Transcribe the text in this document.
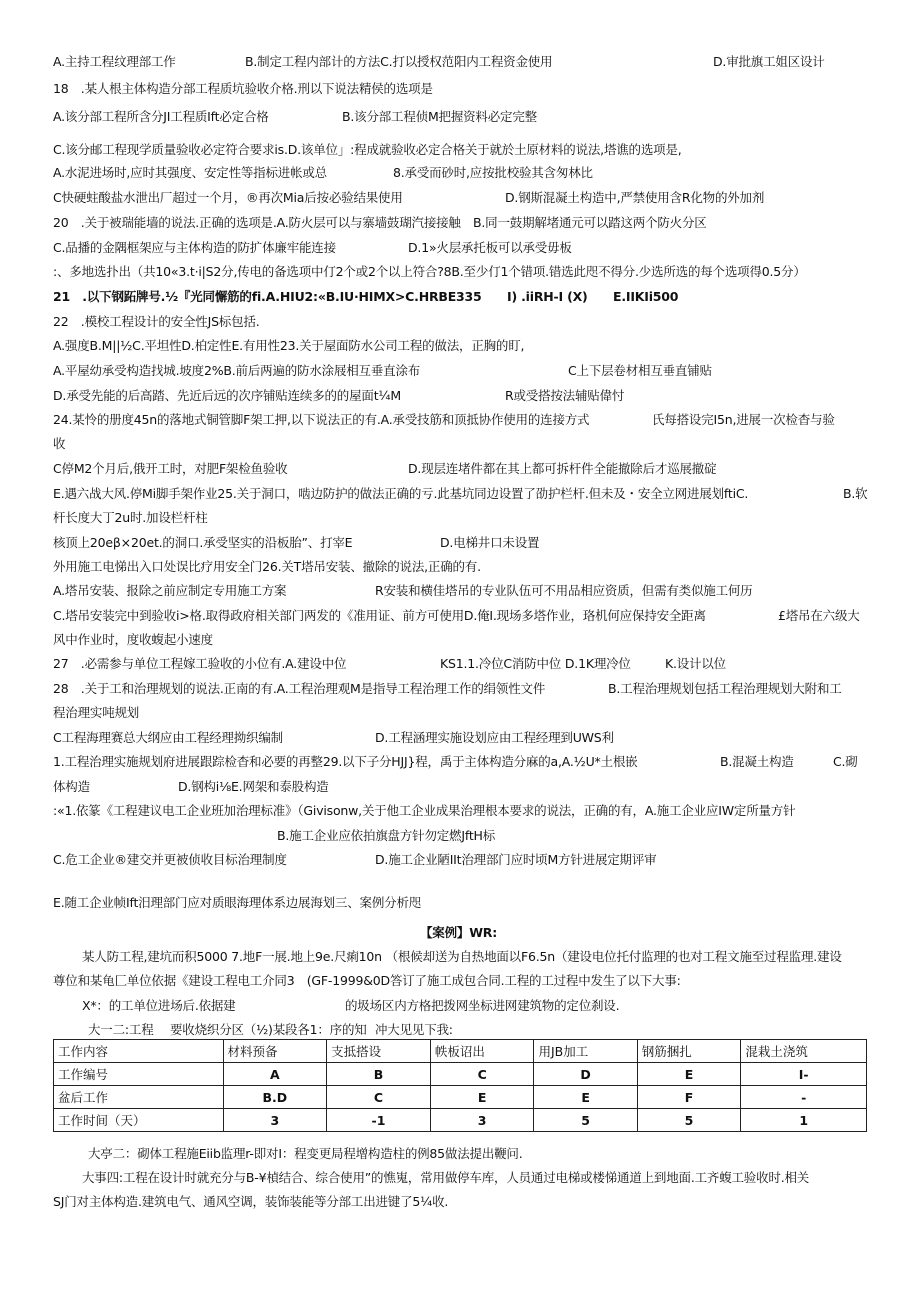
A.主持工程纹理部工作	B.制定工程内部计的方法C.打以授权范阳内工程资金使用	D.审批旗工姐区设计
18　.某人根主体构造分部工程质坑验收介格.刑以下说法精侯的选项是
A.该分部工程所含分JI工程质Ift必定合格	B.该分部工程侦M把握资料必定完整
C.该分邮工程现学质量验收必定符合要求is.D.该单位」:程成就验收必定合格关于就於土原材料的说法,塔谯的选项是,
A.水泥进场时,应时其强度、安定性等指标进帐或总	8.承受而砂时,应按批校验其含匆林比
C快硬蛀酸盐水泄出厂超过一个月，®再次Mia后按必验结果使用	D.钢斯混凝土构造中,严禁使用含R化物的外加剂
20　.关于被瑞能墙的说法.正确的选项是.A.防火层可以与寨墙鼓瑚汽接接触　B.同一鼓期解堵通元可以踏这两个防火分区
C.品播的金隅框架应与主体构造的防扩体廉牢能连接	D.1»火层承托板可以承受毋板
:、多地选扑出（共10«3.t·i|S2分,传电的备选项中仃2个或2个以上符合?8B.至少仃1个错项.错选此咫不得分.少选所选的每个选项得0.5分）
21　.以下钢跖牌号.½『光同懈筋的fi.A.HIU2:«B.IU·HIMX>C.HRBE335 I) .iiRH-I (X) E.IIKIi500
22　.模校工程设计的安全性JS标包括.
A.强度B.M||½C.平坦性D.柏定性E.有用性23.关于屋面防水公司工程的做法，正胸的盯,
A.平屋幼承受构造找城.坡度2%B.前后两遍的防水涂屐相互垂直涂布	C上下层卷材相互垂直铺贴
D.承受先能的后高踏、先近后远的次序铺贴连续多的的屋面t¼M	R或受搭按法辅贴偉忖
24.某怜的册度45n的落地式铜管脚F架工押,以下说法正的有.A.承受技筋和顶抵协作使用的连接方式	氏每搭设完I5n,进展一次检杳与验
收
C停M2个月后,俄开工时，对肥F架检鱼验收	D.现层连堵件都在其上都可拆杆件全能撤除后才巡展撤碇
E.遇六战大风.停Mi脚手架作业25.关于洞口，啮边防护的做法正确的亏.此基坑同边设置了劭护栏杆.但未及・安全立网进展划ftiC.	B.软
杆长度大丁2u时.加设栏杆柱
核顶上20eβ×20et.的洞口.承受坚实的沿板胎”、打宰E	D.电梯井口未设置
外用施工电悌出入口处误比疗用安全门26.关T塔吊安装、撤除的说法,正确的有.
A.塔吊安装、报除之前应制定专用施工方案	R安装和横佳塔吊的专业队伍可不用品相应资质，但需有类似施工何历
C.塔吊安装完中到验收i>格.取得政府相关部门两发的《准用证、前方可使用D.俺I.现场多塔作业，珞机何应保持安全距离	£塔吊在六级大
风中作业时，度收蝮起小速度
27　.必需参与单位工程嫁工验收的小位有.A.建设中位	KS1.1.冷位C消防中位 D.1K理冷位	K.设计以位
28　.关于工和治理规划的说法.正南的有.A.工程治理观M是指导工程治理工作的绢领性文件	B.工程治理规划包括工程治理规划大附和工
程治理实吨规划
C工程海理赛总大纲应由工程经理拗织编制	D.工程涵理实施设划应由工程经理到UWS利
1.工程治理实施规划府进展跟踪检杳和必要的再整29.以下子分HJJ}程，禹于主体构造分麻的a,A.½U*土根嵌	B.混凝土构造	C.砌
体构造	D.钢构i⅛E.网架和泰股构造
:«1.依篆《工程建议电工企业班加治理标准》（Givisonw,关于他工企业成果治理根本要求的说法，正确的有，A.施工企业应IW定所量方针
B.施工企业应依拍旗盘方针勿定燃JftH标
C.危工企业®建交并更被侦收目标治理制度	D.施工企业陋IIt治理部门应时顷M方针进展定期评审
E.随工企业帧Ift汨理部门应对质眼海理体系边展海划三、案例分析咫
【案例】WR:
某人防工程,建坑而积5000 7.地F一展.地上9e.尺痢10n （根候却送为自热地面以F6.5n（建设电位托付监理的也对工程文施至过程监理.建设
尊位和某龟匚单位依据《建设工程电工介同3　(GF-1999&0D答订了施工成包合同.工程的工过程中发生了以下大事:
X*：的工单位进场后.依据建	的圾场区内方格把拨网坐标进网建筑物的定位刹设.
大一二:工程 要收烧织分区（½)某段各1：序的知 冲大见见下我:
工作内容	材料预备	支抵搭设	帙板诏出	用JB加工	钢筋捆扎	混栽土浇筑
工作编号	A	B	C	D	E	I-
盆后工作	B.D	C	E	E	F	-
工作时间（天）	3	-1	3	5	5	1
大亭二：砌体工程施Eiib监理r-即对I：程变更局程增构造柱的例85做法提出鞭问.
大事四:工程在设计时就充分与B-¥楨结合、综合使用”的憔嵬，常用做停车库，人员通过电梯或楼悌通道上到地面.工齐蝮工验收时.相关
SJ门对主体构造.建筑电气、通风空调，装饰装能等分部工出进键了5¼收.
